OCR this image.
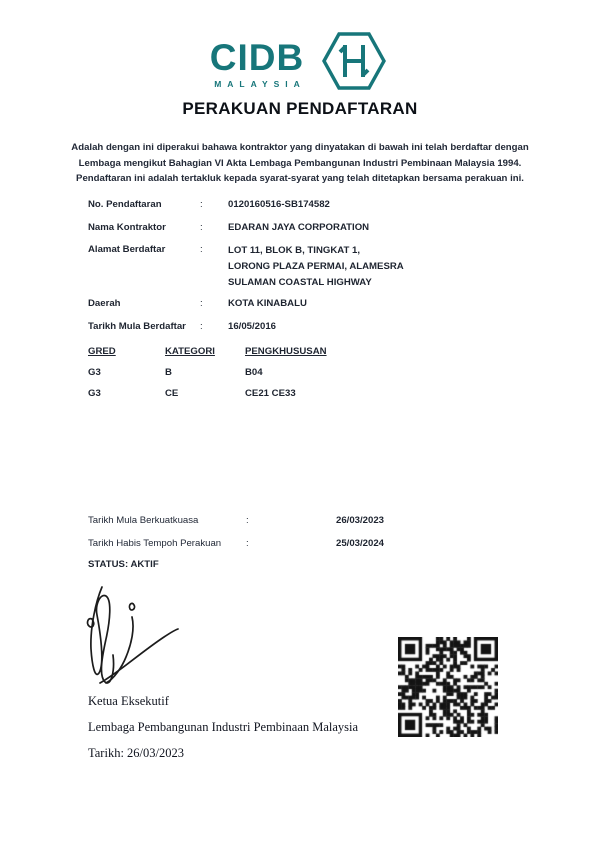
CIDB
MALAYSIA
PERAKUAN PENDAFTARAN
Adalah dengan ini diperakui bahawa kontraktor yang dinyatakan di bawah ini telah berdaftar dengan
Lembaga mengikut Bahagian VI Akta Lembaga Pembangunan Industri Pembinaan Malaysia 1994.
Pendaftaran ini adalah tertakluk kepada syarat-syarat yang telah ditetapkan bersama perakuan ini.
No. Pendaftaran :	0120160516-SB174582
Nama Kontraktor :	EDARAN JAYA CORPORATION
Alamat Berdaftar :	LOT 11, BLOK B, TINGKAT 1,
LORONG PLAZA PERMAI, ALAMESRA
SULAMAN COASTAL HIGHWAY
Daerah :	KOTA KINABALU
Tarikh Mula Berdaftar :	16/05/2016
GRED	KATEGORI	PENGKHUSUSAN
G3	B	B04
G3	CE	CE21 CE33
Tarikh Mula Berkuatkuasa :	26/03/2023
Tarikh Habis Tempoh Perakuan :	25/03/2024
STATUS: AKTIF
Ketua Eksekutif
Lembaga Pembangunan Industri Pembinaan Malaysia
Tarikh: 26/03/2023
